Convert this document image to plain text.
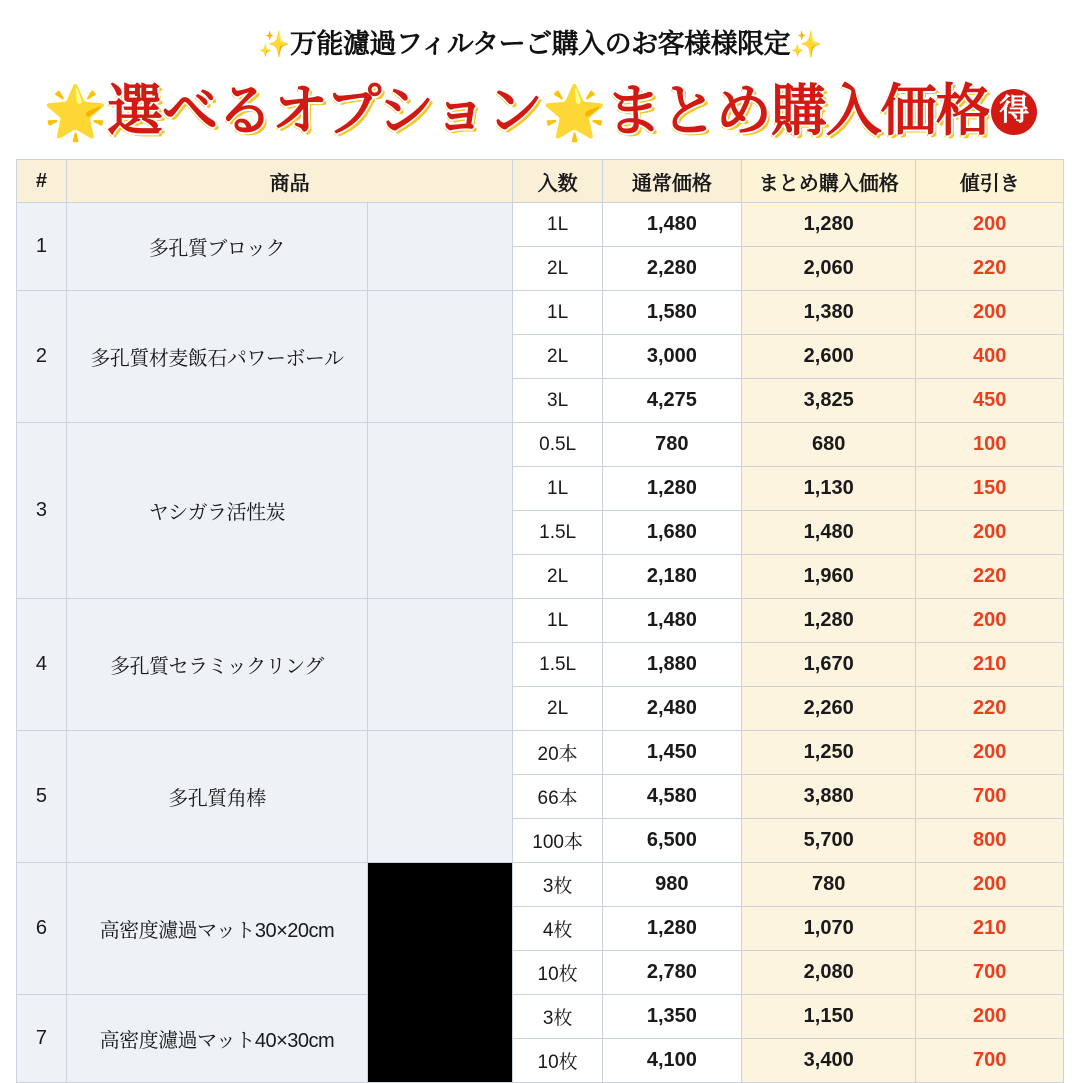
✨万能濾過フィルターご購入のお客様様限定✨
🌟選べるオプション🌟まとめ購入価格 得
#	商品		入数	通常価格	まとめ購入価格	値引き
1	多孔質ブロック		1L	1,480	1,280	200
			2L	2,280	2,060	220
2	多孔質材麦飯石パワーボール		1L	1,580	1,380	200
			2L	3,000	2,600	400
			3L	4,275	3,825	450
3	ヤシガラ活性炭		0.5L	780	680	100
			1L	1,280	1,130	150
			1.5L	1,680	1,480	200
			2L	2,180	1,960	220
4	多孔質セラミックリング		1L	1,480	1,280	200
			1.5L	1,880	1,670	210
			2L	2,480	2,260	220
5	多孔質角棒		20本	1,450	1,250	200
			66本	4,580	3,880	700
			100本	6,500	5,700	800
6	高密度濾過マット30×20cm		3枚	980	780	200
			4枚	1,280	1,070	210
			10枚	2,780	2,080	700
7	高密度濾過マット40×30cm		3枚	1,350	1,150	200
			10枚	4,100	3,400	700
